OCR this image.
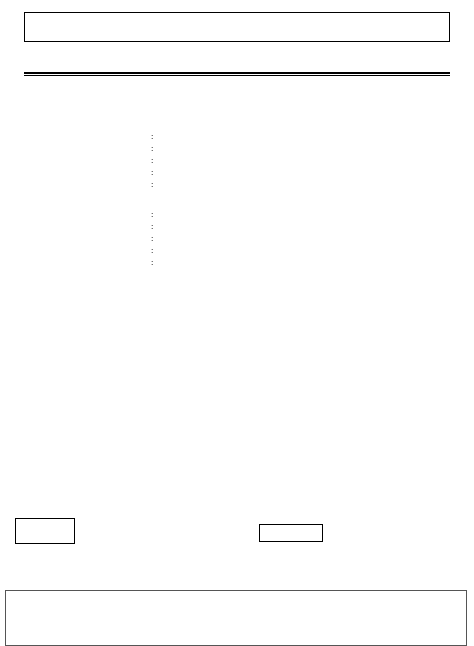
:
:
:
:
:
:
:
:
:
:
